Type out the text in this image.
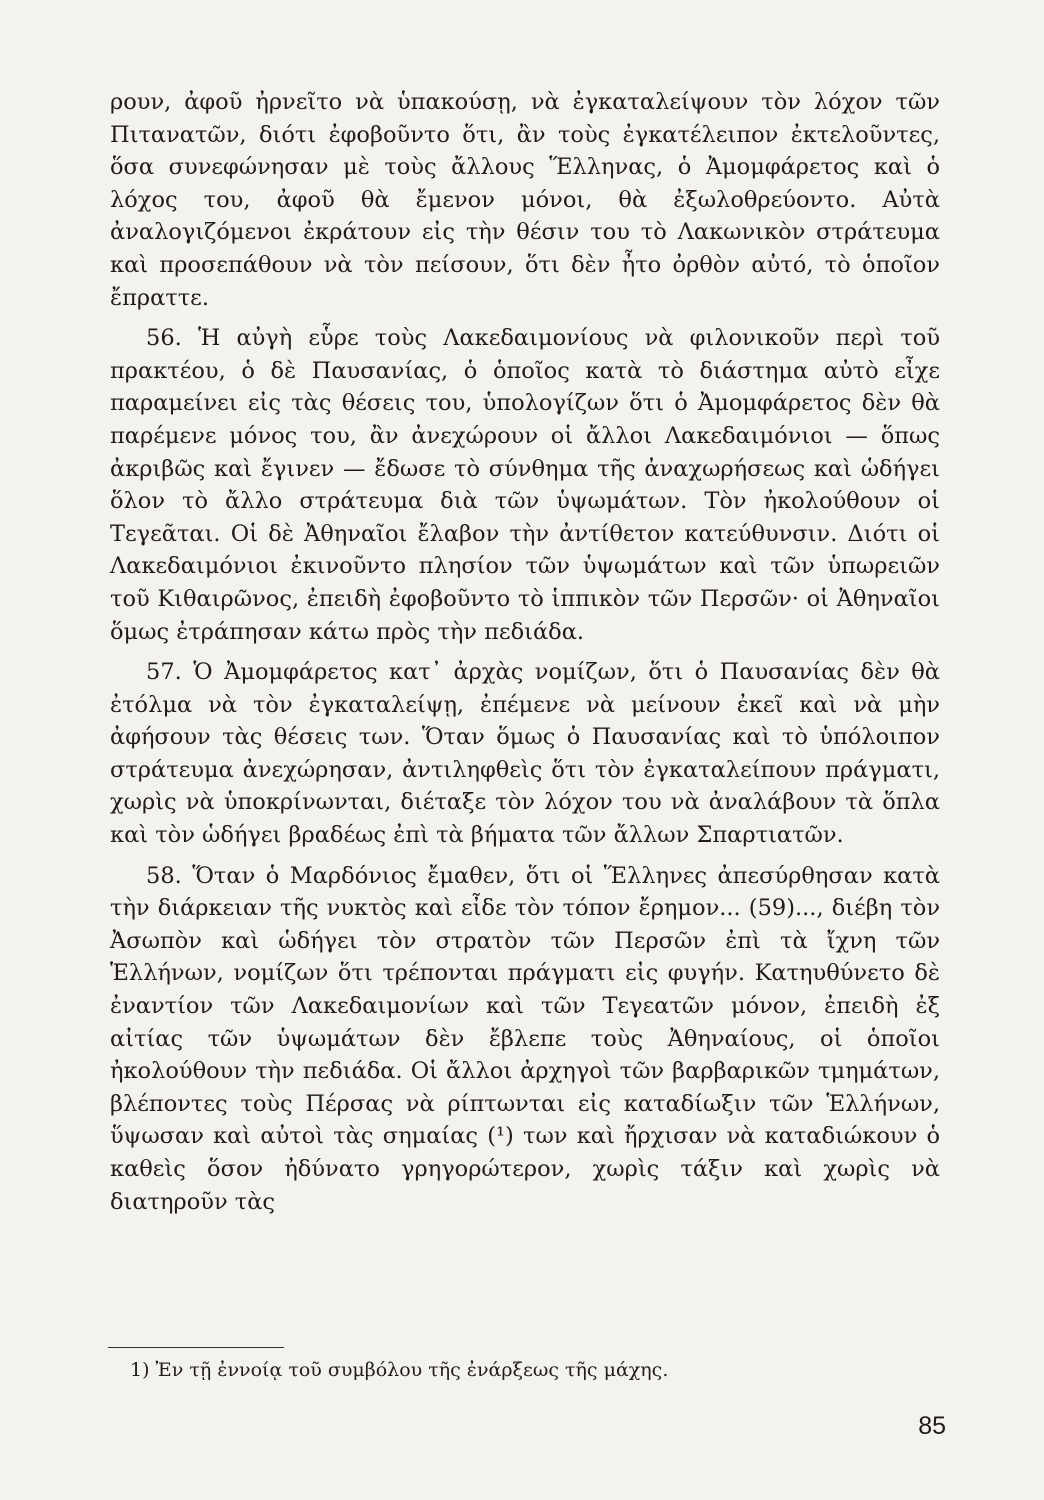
ρουν, ἀφοῦ ἠρνεῖτο νὰ ὑπακούσῃ, νὰ ἐγκαταλείψουν τὸν λόχον τῶν Πιτανατῶν, διότι ἐφοβοῦντο ὅτι, ἂν τοὺς ἐγκατέλειπον ἐκτελοῦντες, ὅσα συνεφώνησαν μὲ τοὺς ἄλλους Ἕλληνας, ὁ Ἀμομφάρετος καὶ ὁ λόχος του, ἀφοῦ θὰ ἔμενον μόνοι, θὰ ἐξωλοθρεύοντο. Αὐτὰ ἀναλογιζόμενοι ἐκράτουν εἰς τὴν θέσιν του τὸ Λακωνικὸν στράτευμα καὶ προσεπάθουν νὰ τὸν πείσουν, ὅτι δὲν ἦτο ὀρθὸν αὐτό, τὸ ὁποῖον ἔπραττε.

56. Ἡ αὐγὴ εὗρε τοὺς Λακεδαιμονίους νὰ φιλονικοῦν περὶ τοῦ πρακτέου, ὁ δὲ Παυσανίας, ὁ ὁποῖος κατὰ τὸ διάστημα αὐτὸ εἶχε παραμείνει εἰς τὰς θέσεις του, ὑπολογίζων ὅτι ὁ Ἀμομφάρετος δὲν θὰ παρέμενε μόνος του, ἂν ἀνεχώρουν οἱ ἄλλοι Λακεδαιμόνιοι — ὅπως ἀκριβῶς καὶ ἔγινεν — ἔδωσε τὸ σύνθημα τῆς ἀναχωρήσεως καὶ ὡδήγει ὅλον τὸ ἄλλο στράτευμα διὰ τῶν ὑψωμάτων. Τὸν ἠκολούθουν οἱ Τεγεᾶται. Οἱ δὲ Ἀθηναῖοι ἔλαβον τὴν ἀντίθετον κατεύθυνσιν. Διότι οἱ Λακεδαιμόνιοι ἐκινοῦντο πλησίον τῶν ὑψωμάτων καὶ τῶν ὑπωρειῶν τοῦ Κιθαιρῶνος, ἐπειδὴ ἐφοβοῦντο τὸ ἱππικὸν τῶν Περσῶν· οἱ Ἀθηναῖοι ὅμως ἐτράπησαν κάτω πρὸς τὴν πεδιάδα.

57. Ὁ Ἀμομφάρετος κατ᾽ ἀρχὰς νομίζων, ὅτι ὁ Παυσανίας δὲν θὰ ἐτόλμα νὰ τὸν ἐγκαταλείψῃ, ἐπέμενε νὰ μείνουν ἐκεῖ καὶ νὰ μὴν ἀφήσουν τὰς θέσεις των. Ὅταν ὅμως ὁ Παυσανίας καὶ τὸ ὑπόλοιπον στράτευμα ἀνεχώρησαν, ἀντιληφθεὶς ὅτι τὸν ἐγκαταλείπουν πράγματι, χωρὶς νὰ ὑποκρίνωνται, διέταξε τὸν λόχον του νὰ ἀναλάβουν τὰ ὅπλα καὶ τὸν ὡδήγει βραδέως ἐπὶ τὰ βήματα τῶν ἄλλων Σπαρτιατῶν.

58. Ὅταν ὁ Μαρδόνιος ἔμαθεν, ὅτι οἱ Ἕλληνες ἀπεσύρθησαν κατὰ τὴν διάρκειαν τῆς νυκτὸς καὶ εἶδε τὸν τόπον ἔρημον... (59)..., διέβη τὸν Ἀσωπὸν καὶ ὡδήγει τὸν στρατὸν τῶν Περσῶν ἐπὶ τὰ ἴχνη τῶν Ἑλλήνων, νομίζων ὅτι τρέπονται πράγματι εἰς φυγήν. Κατηυθύνετο δὲ ἐναντίον τῶν Λακεδαιμονίων καὶ τῶν Τεγεατῶν μόνον, ἐπειδὴ ἐξ αἰτίας τῶν ὑψωμάτων δὲν ἔβλεπε τοὺς Ἀθηναίους, οἱ ὁποῖοι ἠκολούθουν τὴν πεδιάδα. Οἱ ἄλλοι ἀρχηγοὶ τῶν βαρβαρικῶν τμημάτων, βλέποντες τοὺς Πέρσας νὰ ρίπτωνται εἰς καταδίωξιν τῶν Ἑλλήνων, ὕψωσαν καὶ αὐτοὶ τὰς σημαίας (¹) των καὶ ἤρχισαν νὰ καταδιώκουν ὁ καθεὶς ὅσον ἠδύνατο γρηγορώτερον, χωρὶς τάξιν καὶ χωρὶς νὰ διατηροῦν τὰς

1) Ἐν τῇ ἐννοίᾳ τοῦ συμβόλου τῆς ἐνάρξεως τῆς μάχης.
85
